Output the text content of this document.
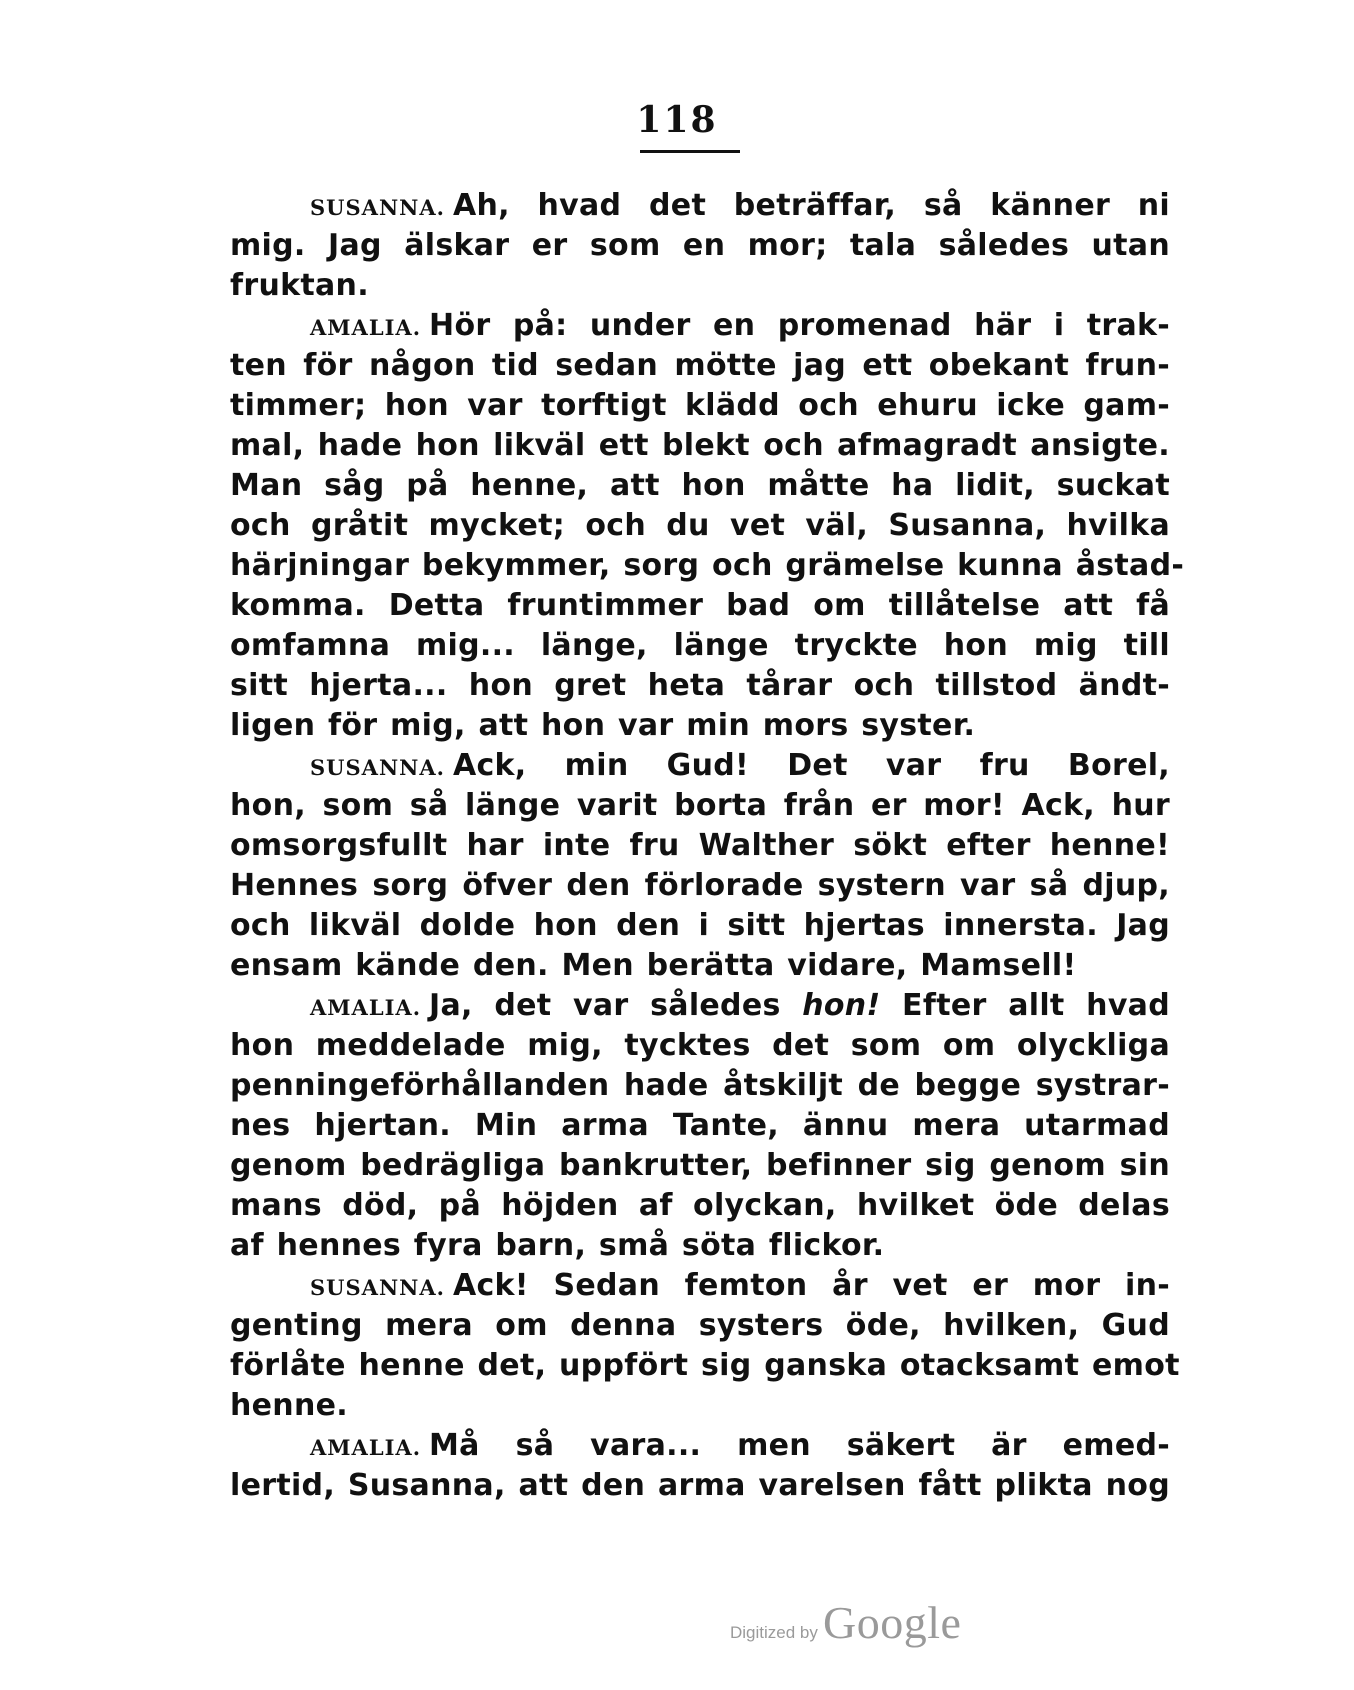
118
SUSANNA. Ah, hvad det beträffar, så känner ni
mig. Jag älskar er som en mor; tala således utan
fruktan.
AMALIA. Hör på: under en promenad här i trak-
ten för någon tid sedan mötte jag ett obekant frun-
timmer; hon var torftigt klädd och ehuru icke gam-
mal, hade hon likväl ett blekt och afmagradt ansigte.
Man såg på henne, att hon måtte ha lidit, suckat
och gråtit mycket; och du vet väl, Susanna, hvilka
härjningar bekymmer, sorg och grämelse kunna åstad-
komma. Detta fruntimmer bad om tillåtelse att få
omfamna mig... länge, länge tryckte hon mig till
sitt hjerta... hon gret heta tårar och tillstod ändt-
ligen för mig, att hon var min mors syster.
SUSANNA. Ack, min Gud! Det var fru Borel,
hon, som så länge varit borta från er mor! Ack, hur
omsorgsfullt har inte fru Walther sökt efter henne!
Hennes sorg öfver den förlorade systern var så djup,
och likväl dolde hon den i sitt hjertas innersta. Jag
ensam kände den. Men berätta vidare, Mamsell!
AMALIA. Ja, det var således hon! Efter allt hvad
hon meddelade mig, tycktes det som om olyckliga
penningeförhållanden hade åtskiljt de begge systrar-
nes hjertan. Min arma Tante, ännu mera utarmad
genom bedrägliga bankrutter, befinner sig genom sin
mans död, på höjden af olyckan, hvilket öde delas
af hennes fyra barn, små söta flickor.
SUSANNA. Ack! Sedan femton år vet er mor in-
genting mera om denna systers öde, hvilken, Gud
förlåte henne det, uppfört sig ganska otacksamt emot
henne.
AMALIA. Må så vara... men säkert är emed-
lertid, Susanna, att den arma varelsen fått plikta nog
Digitized by Google
